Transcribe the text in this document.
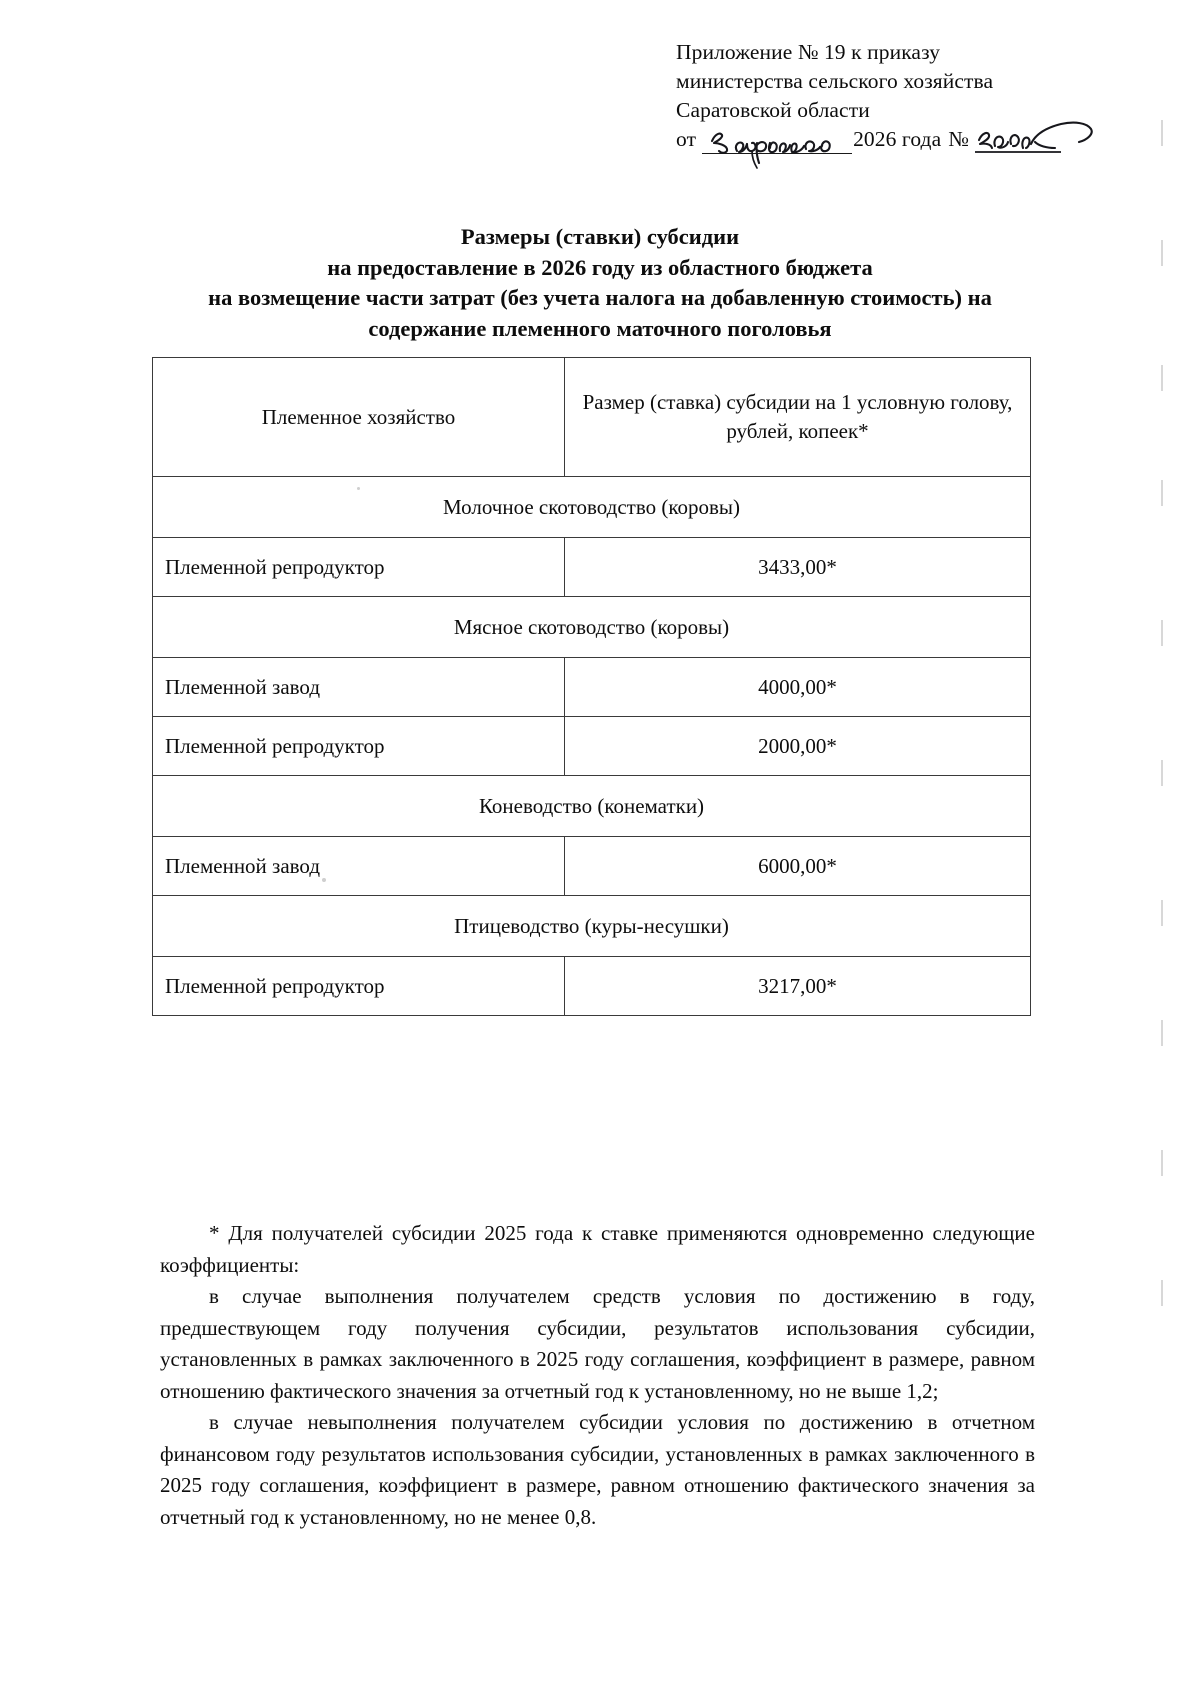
Приложение № 19 к приказу
министерства сельского хозяйства
Саратовской области
от	2026 года №
Размеры (ставки) субсидии
на предоставление в 2026 году из областного бюджета
на возмещение части затрат (без учета налога на добавленную стоимость) на
содержание племенного маточного поголовья
Племенное хозяйство	Размер (ставка) субсидии на 1 условную голову, рублей, копеек*
Молочное скотоводство (коровы)	
Племенной репродуктор	3433,00*
Мясное скотоводство (коровы)	
Племенной завод	4000,00*
Племенной репродуктор	2000,00*
Коневодство (конематки)	
Племенной завод	6000,00*
Птицеводство (куры-несушки)	
Племенной репродуктор	3217,00*

* Для получателей субсидии 2025 года к ставке применяются одновременно следующие коэффициенты:

в случае выполнения получателем средств условия по достижению в году, предшествующем году получения субсидии, результатов использования субсидии, установленных в рамках заключенного в 2025 году соглашения, коэффициент в размере, равном отношению фактического значения за отчетный год к установленному, но не выше 1,2;

в случае невыполнения получателем субсидии условия по достижению в отчетном финансовом году результатов использования субсидии, установленных в рамках заключенного в 2025 году соглашения, коэффициент в размере, равном отношению фактического значения за отчетный год к установленному, но не менее 0,8.
